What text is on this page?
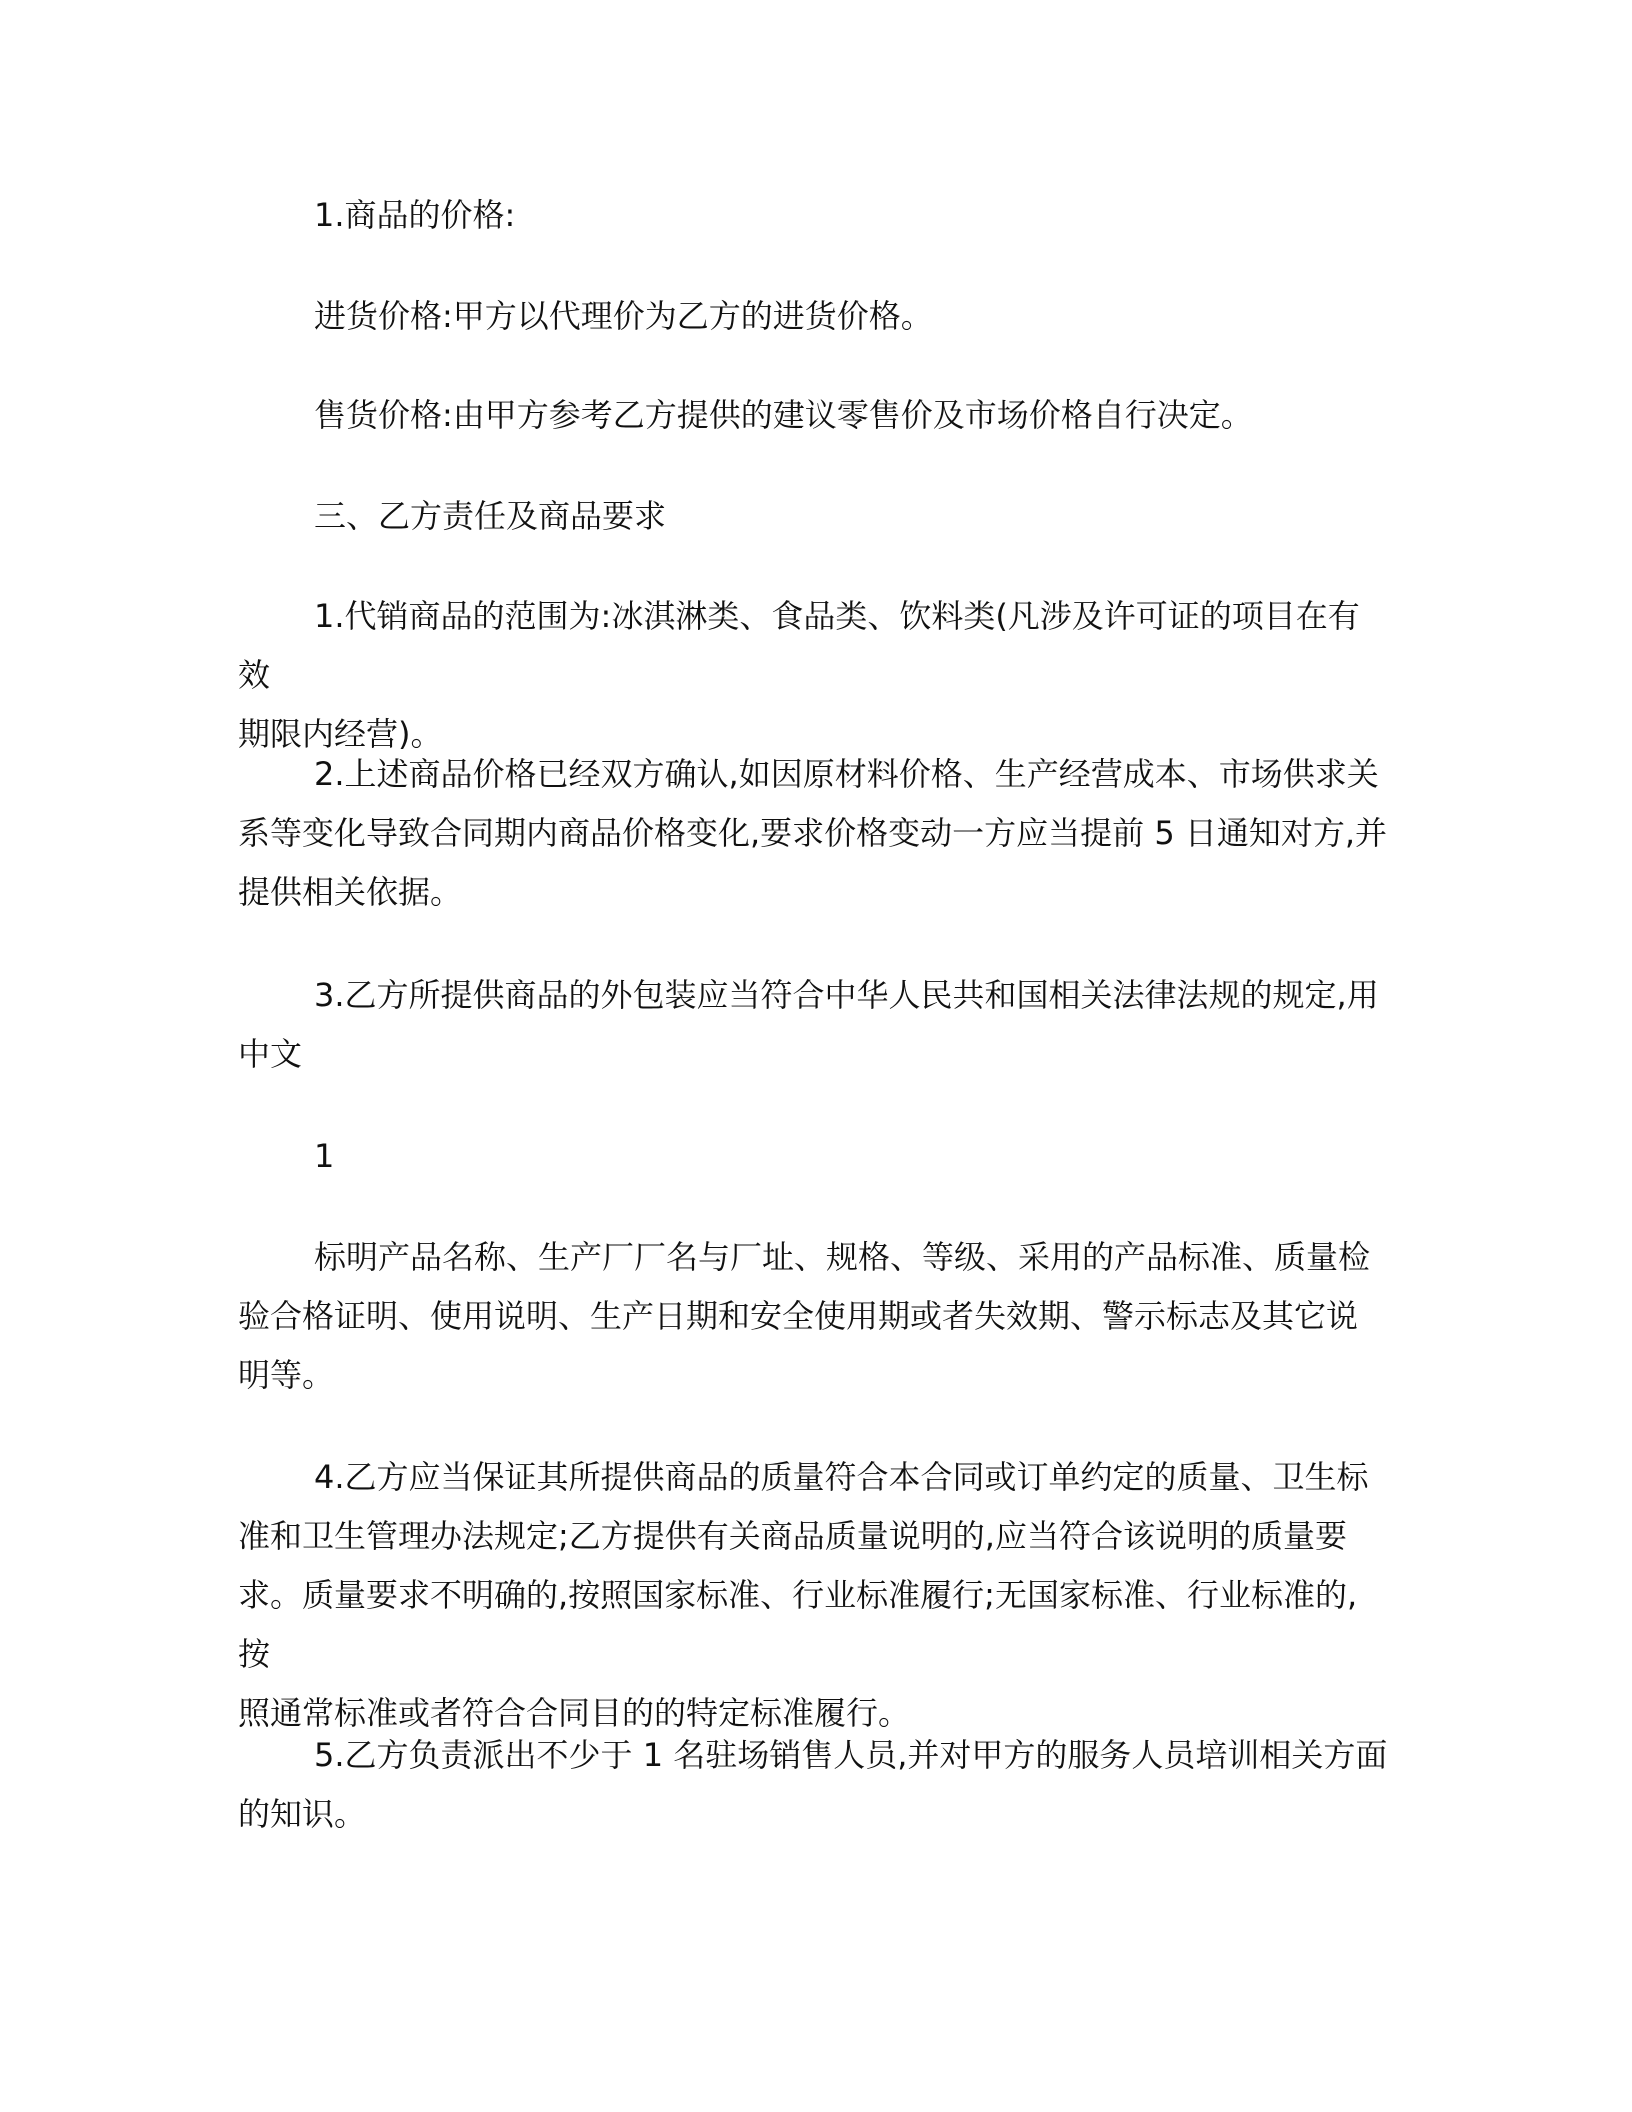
1.商品的价格:

进货价格:甲方以代理价为乙方的进货价格。

售货价格:由甲方参考乙方提供的建议零售价及市场价格自行决定。

三、乙方责任及商品要求

1.代销商品的范围为:冰淇淋类、食品类、饮料类(凡涉及许可证的项目在有效
期限内经营)。
2.上述商品价格已经双方确认,如因原材料价格、生产经营成本、市场供求关
系等变化导致合同期内商品价格变化,要求价格变动一方应当提前 5 日通知对方,并
提供相关依据。
3.乙方所提供商品的外包装应当符合中华人民共和国相关法律法规的规定,用
中文

1

标明产品名称、生产厂厂名与厂址、规格、等级、采用的产品标准、质量检
验合格证明、使用说明、生产日期和安全使用期或者失效期、警示标志及其它说
明等。
4.乙方应当保证其所提供商品的质量符合本合同或订单约定的质量、卫生标
准和卫生管理办法规定;乙方提供有关商品质量说明的,应当符合该说明的质量要
求。质量要求不明确的,按照国家标准、行业标准履行;无国家标准、行业标准的,按
照通常标准或者符合合同目的的特定标准履行。
5.乙方负责派出不少于 1 名驻场销售人员,并对甲方的服务人员培训相关方面
的知识。
